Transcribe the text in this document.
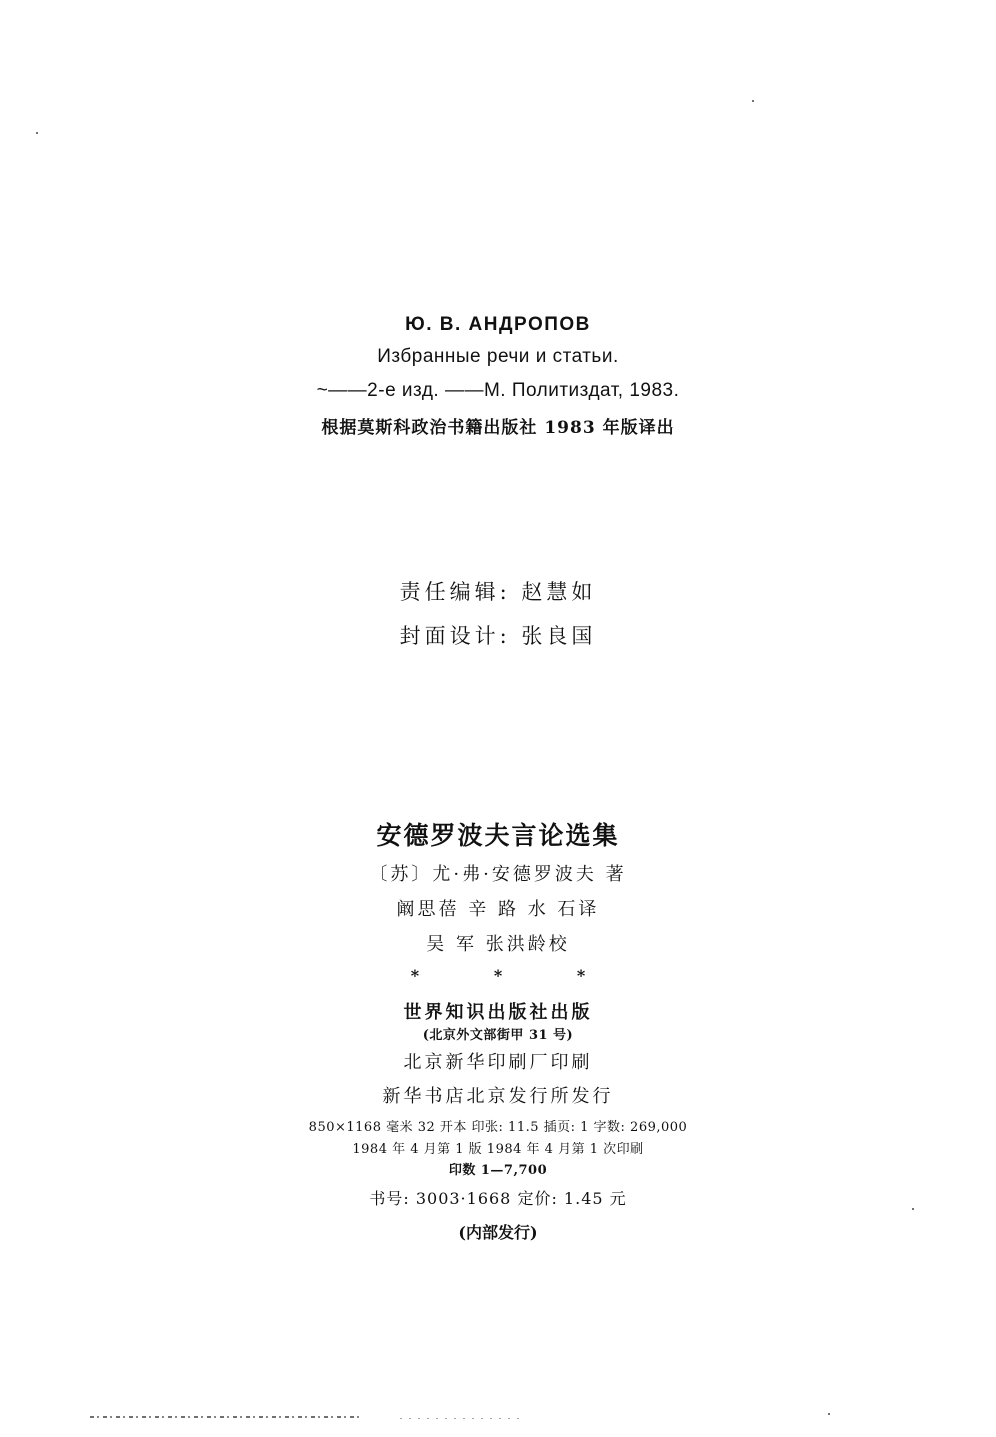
Ю. В. АНДРОПОВ
Избранные речи и статьи.
~——2-е изд. ——М. Политиздат, 1983.
根据莫斯科政治书籍出版社 1983 年版译出
责任编辑: 赵慧如
封面设计: 张良国
安德罗波夫言论选集
〔苏〕尤·弗·安德罗波夫 著
阚思蓓 辛 路 水 石译
吴 军 张洪龄校
*	*	*
世界知识出版社出版
(北京外文部街甲 31 号)
北京新华印刷厂印刷
新华书店北京发行所发行
850×1168 毫米 32 开本 印张: 11.5 插页: 1 字数: 269,000
1984 年 4 月第 1 版 1984 年 4 月第 1 次印刷
印数 1—7,700
书号: 3003·1668 定价: 1.45 元
(内部发行)
